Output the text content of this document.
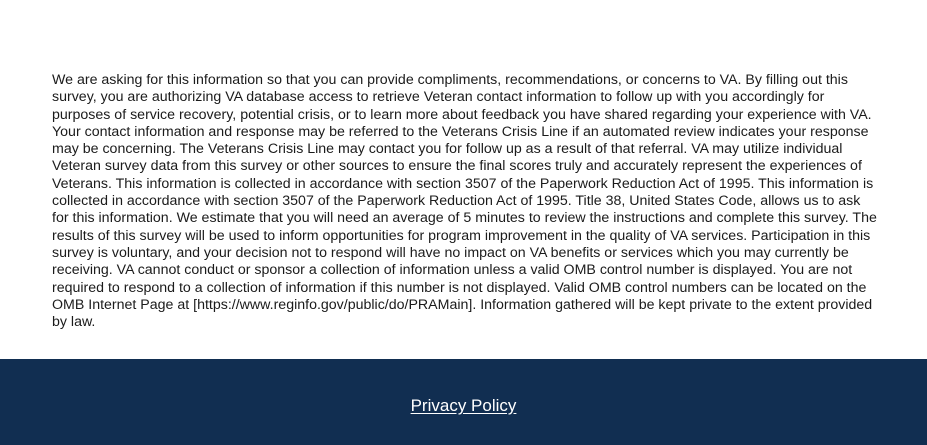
We are asking for this information so that you can provide compliments, recommendations, or concerns to VA. By filling out this survey, you are authorizing VA database access to retrieve Veteran contact information to follow up with you accordingly for purposes of service recovery, potential crisis, or to learn more about feedback you have shared regarding your experience with VA. Your contact information and response may be referred to the Veterans Crisis Line if an automated review indicates your response may be concerning. The Veterans Crisis Line may contact you for follow up as a result of that referral. VA may utilize individual Veteran survey data from this survey or other sources to ensure the final scores truly and accurately represent the experiences of Veterans. This information is collected in accordance with section 3507 of the Paperwork Reduction Act of 1995. This information is collected in accordance with section 3507 of the Paperwork Reduction Act of 1995. Title 38, United States Code, allows us to ask for this information. We estimate that you will need an average of 5 minutes to review the instructions and complete this survey. The results of this survey will be used to inform opportunities for program improvement in the quality of VA services. Participation in this survey is voluntary, and your decision not to respond will have no impact on VA benefits or services which you may currently be receiving. VA cannot conduct or sponsor a collection of information unless a valid OMB control number is displayed. You are not required to respond to a collection of information if this number is not displayed. Valid OMB control numbers can be located on the OMB Internet Page at [https://www.reginfo.gov/public/do/PRAMain]. Information gathered will be kept private to the extent provided by law.

Privacy Policy
